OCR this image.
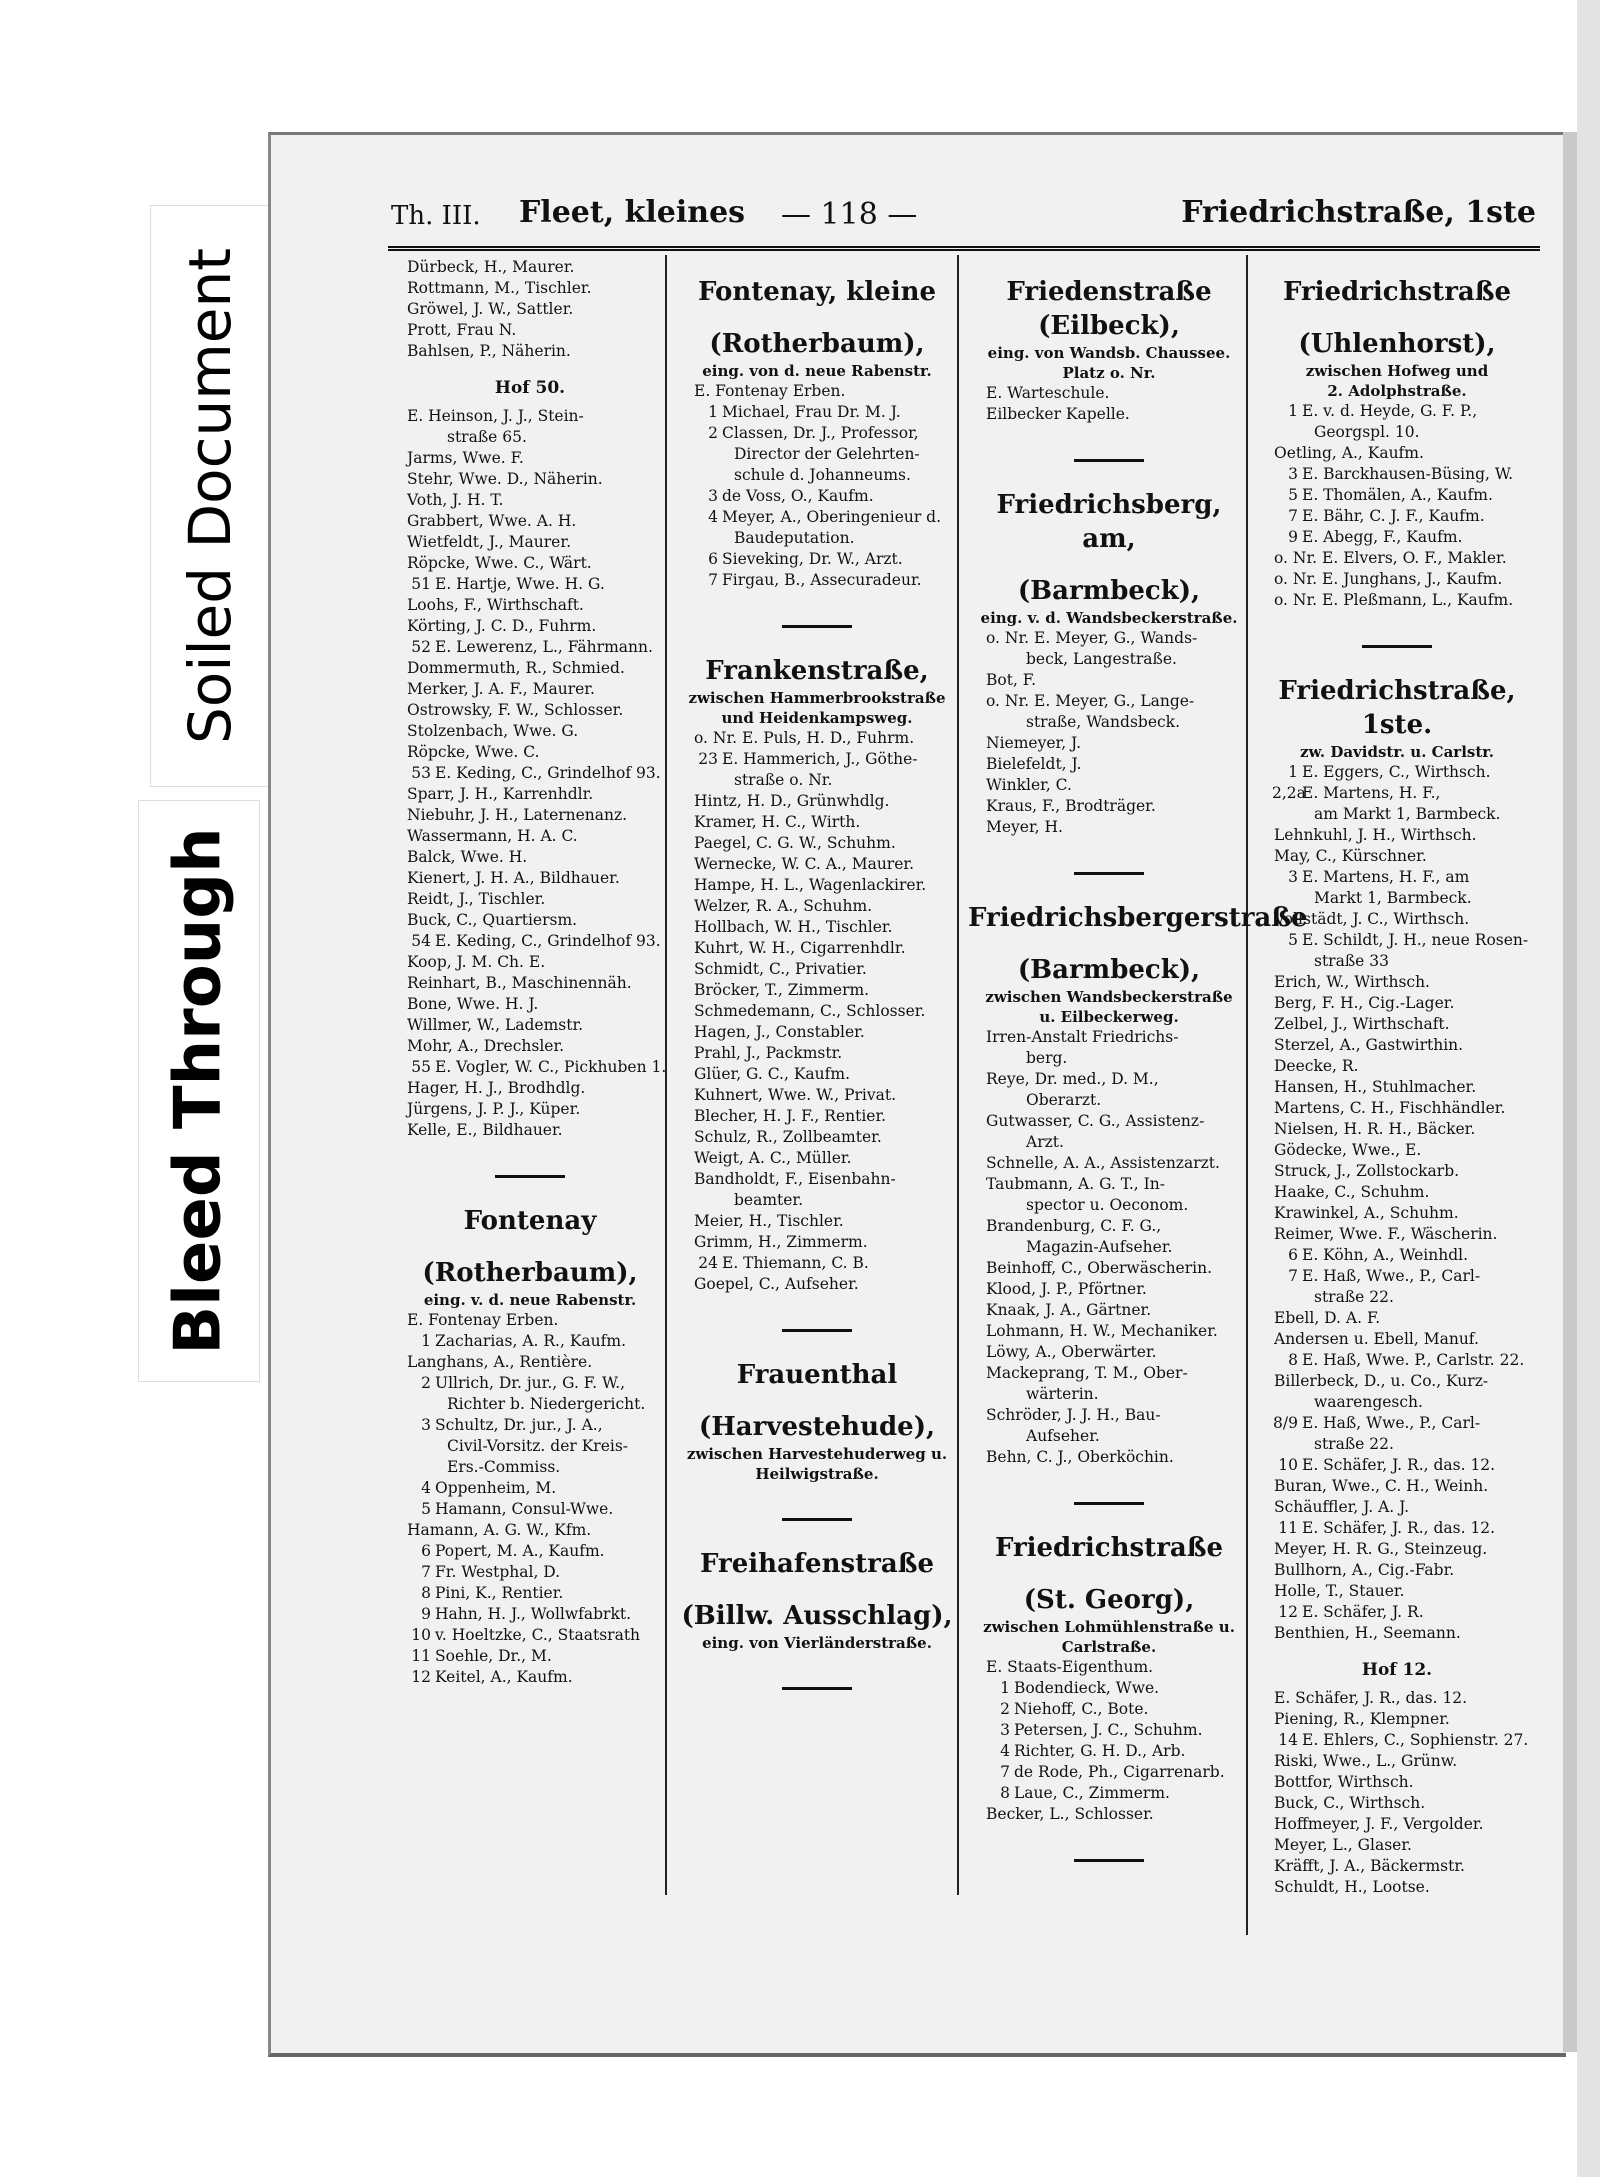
Soiled Document
Bleed Through
Th. III. Fleet, kleines — 118 —	Friedrichstraße, 1ste
Dürbeck, H., Maurer.
Rottmann, M., Tischler.
Gröwel, J. W., Sattler.
Prott, Frau N.
Bahlsen, P., Näherin.
Hof 50.
E. Heinson, J. J., Stein-
straße 65.
Jarms, Wwe. F.
Stehr, Wwe. D., Näherin.
Voth, J. H. T.
Grabbert, Wwe. A. H.
Wietfeldt, J., Maurer.
Röpcke, Wwe. C., Wärt.
51 E. Hartje, Wwe. H. G.
Loohs, F., Wirthschaft.
Körting, J. C. D., Fuhrm.
52 E. Lewerenz, L., Fährmann.
Dommermuth, R., Schmied.
Merker, J. A. F., Maurer.
Ostrowsky, F. W., Schlosser.
Stolzenbach, Wwe. G.
Röpcke, Wwe. C.
53 E. Keding, C., Grindelhof 93.
Sparr, J. H., Karrenhdlr.
Niebuhr, J. H., Laternenanz.
Wassermann, H. A. C.
Balck, Wwe. H.
Kienert, J. H. A., Bildhauer.
Reidt, J., Tischler.
Buck, C., Quartiersm.
54 E. Keding, C., Grindelhof 93.
Koop, J. M. Ch. E.
Reinhart, B., Maschinennäh.
Bone, Wwe. H. J.
Willmer, W., Lademstr.
Mohr, A., Drechsler.
55 E. Vogler, W. C., Pickhuben 1.
Hager, H. J., Brodhdlg.
Jürgens, J. P. J., Küper.
Kelle, E., Bildhauer.
Fontenay
(Rotherbaum),
eing. v. d. neue Rabenstr.
E. Fontenay Erben.
1 Zacharias, A. R., Kaufm.
Langhans, A., Rentière.
2 Ullrich, Dr. jur., G. F. W.,
Richter b. Niedergericht.
3 Schultz, Dr. jur., J. A.,
Civil-Vorsitz. der Kreis-
Ers.-Commiss.
4 Oppenheim, M.
5 Hamann, Consul-Wwe.
Hamann, A. G. W., Kfm.
6 Popert, M. A., Kaufm.
7 Fr. Westphal, D.
8 Pini, K., Rentier.
9 Hahn, H. J., Wollwfabrkt.
10 v. Hoeltzke, C., Staatsrath
11 Soehle, Dr., M.
12 Keitel, A., Kaufm.
Fontenay, kleine
(Rotherbaum),
eing. von d. neue Rabenstr.
E. Fontenay Erben.
1 Michael, Frau Dr. M. J.
2 Classen, Dr. J., Professor,
Director der Gelehrten-
schule d. Johanneums.
3 de Voss, O., Kaufm.
4 Meyer, A., Oberingenieur d.
Baudeputation.
6 Sieveking, Dr. W., Arzt.
7 Firgau, B., Assecuradeur.
Frankenstraße,
zwischen Hammerbrookstraße
und Heidenkampsweg.
o. Nr. E. Puls, H. D., Fuhrm.
23 E. Hammerich, J., Göthe-
straße o. Nr.
Hintz, H. D., Grünwhdlg.
Kramer, H. C., Wirth.
Paegel, C. G. W., Schuhm.
Wernecke, W. C. A., Maurer.
Hampe, H. L., Wagenlackirer.
Welzer, R. A., Schuhm.
Hollbach, W. H., Tischler.
Kuhrt, W. H., Cigarrenhdlr.
Schmidt, C., Privatier.
Bröcker, T., Zimmerm.
Schmedemann, C., Schlosser.
Hagen, J., Constabler.
Prahl, J., Packmstr.
Glüer, G. C., Kaufm.
Kuhnert, Wwe. W., Privat.
Blecher, H. J. F., Rentier.
Schulz, R., Zollbeamter.
Weigt, A. C., Müller.
Bandholdt, F., Eisenbahn-
beamter.
Meier, H., Tischler.
Grimm, H., Zimmerm.
24 E. Thiemann, C. B.
Goepel, C., Aufseher.
Frauenthal
(Harvestehude),
zwischen Harvestehuderweg u.
Heilwigstraße.
Freihafenstraße
(Billw. Ausschlag),
eing. von Vierländerstraße.
Friedenstraße (Eilbeck),
eing. von Wandsb. Chaussee.
Platz o. Nr.
E. Warteschule.
Eilbecker Kapelle.
Friedrichsberg, am,
(Barmbeck),
eing. v. d. Wandsbeckerstraße.
o. Nr. E. Meyer, G., Wands-
beck, Langestraße.
Bot, F.
o. Nr. E. Meyer, G., Lange-
straße, Wandsbeck.
Niemeyer, J.
Bielefeldt, J.
Winkler, C.
Kraus, F., Brodträger.
Meyer, H.
Friedrichsbergerstraße
(Barmbeck),
zwischen Wandsbeckerstraße
u. Eilbeckerweg.
Irren-Anstalt Friedrichs-
berg.
Reye, Dr. med., D. M.,
Oberarzt.
Gutwasser, C. G., Assistenz-
Arzt.
Schnelle, A. A., Assistenzarzt.
Taubmann, A. G. T., In-
spector u. Oeconom.
Brandenburg, C. F. G.,
Magazin-Aufseher.
Beinhoff, C., Oberwäscherin.
Klood, J. P., Pförtner.
Knaak, J. A., Gärtner.
Lohmann, H. W., Mechaniker.
Löwy, A., Oberwärter.
Mackeprang, T. M., Ober-
wärterin.
Schröder, J. J. H., Bau-
Aufseher.
Behn, C. J., Oberköchin.
Friedrichstraße
(St. Georg),
zwischen Lohmühlenstraße u.
Carlstraße.
E. Staats-Eigenthum.
1 Bodendieck, Wwe.
2 Niehoff, C., Bote.
3 Petersen, J. C., Schuhm.
4 Richter, G. H. D., Arb.
7 de Rode, Ph., Cigarrenarb.
8 Laue, C., Zimmerm.
Becker, L., Schlosser.
Friedrichstraße
(Uhlenhorst),
zwischen Hofweg und
2. Adolphstraße.
1 E. v. d. Heyde, G. F. P.,
Georgspl. 10.
Oetling, A., Kaufm.
3 E. Barckhausen-Büsing, W.
5 E. Thomälen, A., Kaufm.
7 E. Bähr, C. J. F., Kaufm.
9 E. Abegg, F., Kaufm.
o. Nr. E. Elvers, O. F., Makler.
o. Nr. E. Junghans, J., Kaufm.
o. Nr. E. Pleßmann, L., Kaufm.
Friedrichstraße, 1ste.
zw. Davidstr. u. Carlstr.
1 E. Eggers, C., Wirthsch.
2,2aE. Martens, H. F.,
am Markt 1, Barmbeck.
Lehnkuhl, J. H., Wirthsch.
May, C., Kürschner.
3 E. Martens, H. F., am
Markt 1, Barmbeck.
Vollstädt, J. C., Wirthsch.
5 E. Schildt, J. H., neue Rosen-
straße 33
Erich, W., Wirthsch.
Berg, F. H., Cig.-Lager.
Zelbel, J., Wirthschaft.
Sterzel, A., Gastwirthin.
Deecke, R.
Hansen, H., Stuhlmacher.
Martens, C. H., Fischhändler.
Nielsen, H. R. H., Bäcker.
Gödecke, Wwe., E.
Struck, J., Zollstockarb.
Haake, C., Schuhm.
Krawinkel, A., Schuhm.
Reimer, Wwe. F., Wäscherin.
6 E. Köhn, A., Weinhdl.
7 E. Haß, Wwe., P., Carl-
straße 22.
Ebell, D. A. F.
Andersen u. Ebell, Manuf.
8 E. Haß, Wwe. P., Carlstr. 22.
Billerbeck, D., u. Co., Kurz-
waarengesch.
8/9 E. Haß, Wwe., P., Carl-
straße 22.
10 E. Schäfer, J. R., das. 12.
Buran, Wwe., C. H., Weinh.
Schäuffler, J. A. J.
11 E. Schäfer, J. R., das. 12.
Meyer, H. R. G., Steinzeug.
Bullhorn, A., Cig.-Fabr.
Holle, T., Stauer.
12 E. Schäfer, J. R.
Benthien, H., Seemann.
Hof 12.
E. Schäfer, J. R., das. 12.
Piening, R., Klempner.
14 E. Ehlers, C., Sophienstr. 27.
Riski, Wwe., L., Grünw.
Bottfor, Wirthsch.
Buck, C., Wirthsch.
Hoffmeyer, J. F., Vergolder.
Meyer, L., Glaser.
Kräfft, J. A., Bäckermstr.
Schuldt, H., Lootse.
